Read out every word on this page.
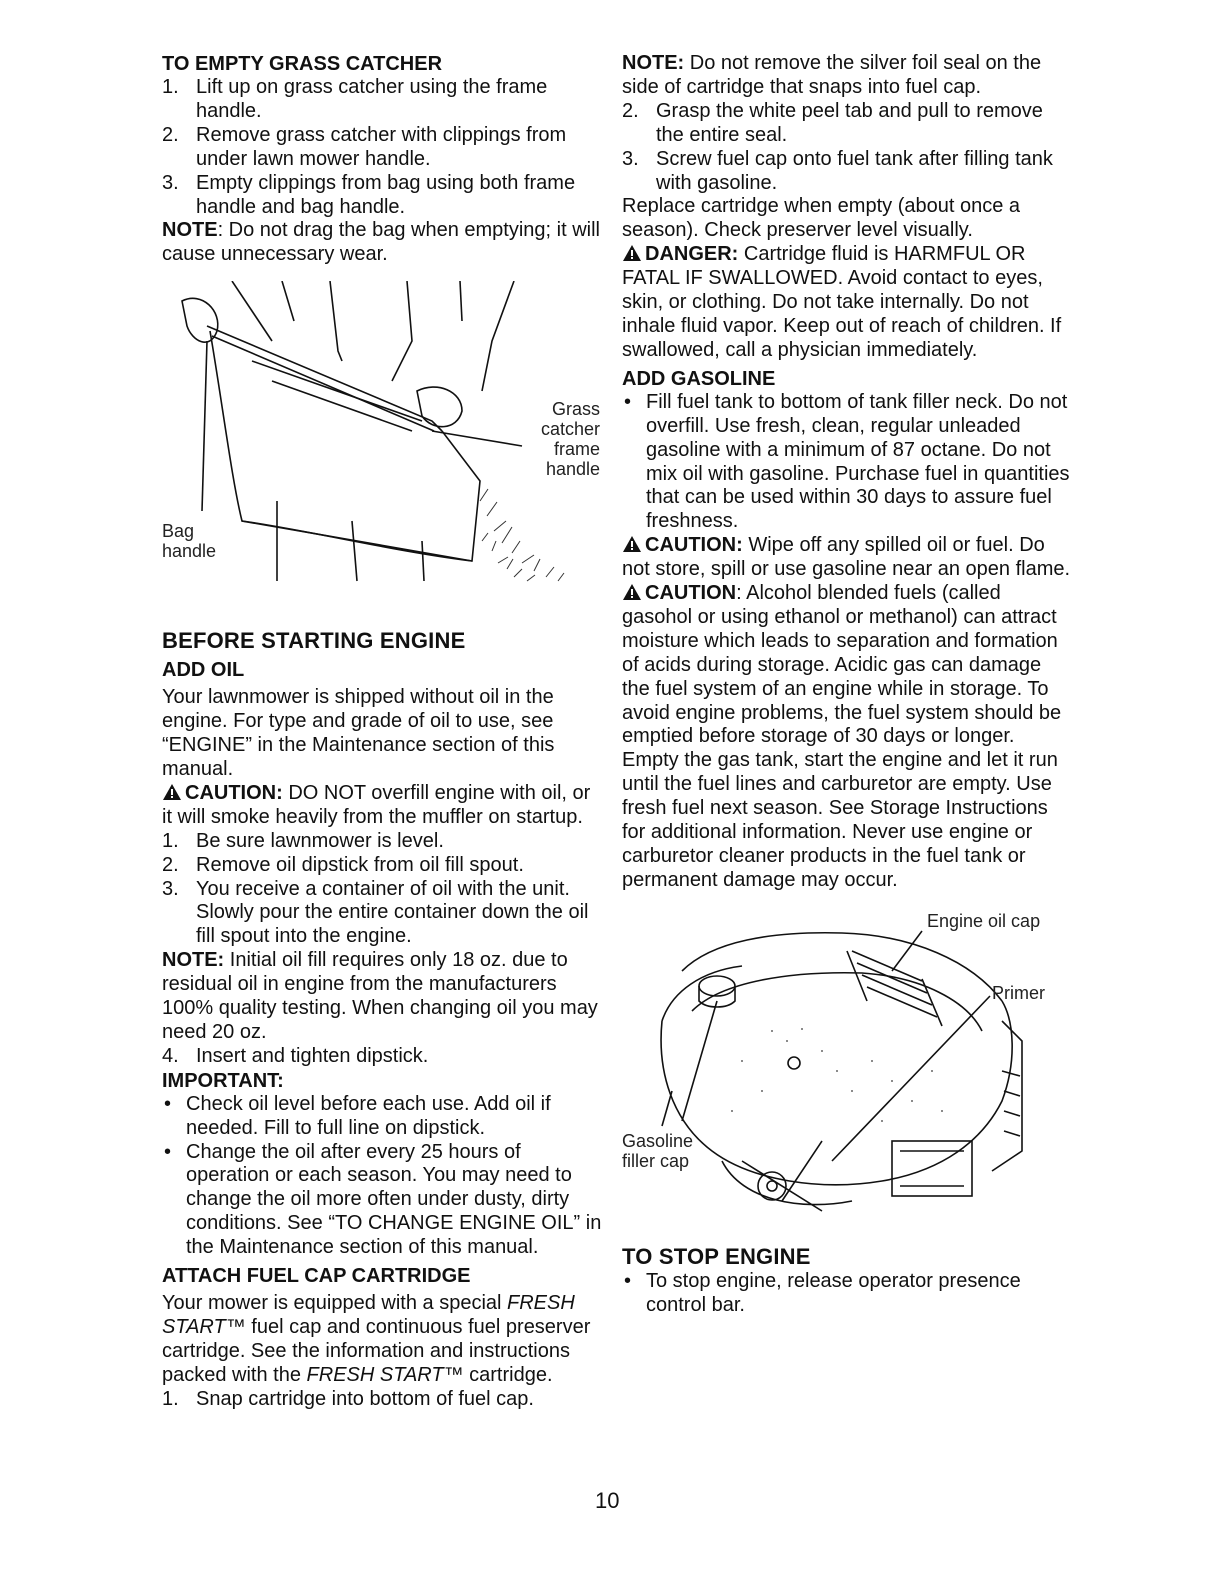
TO EMPTY GRASS CATCHER

1. Lift up on grass catcher using the frame handle.
2. Remove grass catcher with clippings from under lawn mower handle.
3. Empty clippings from bag using both frame handle and bag handle.

NOTE: Do not drag the bag when emptying; it will cause unnecessary wear.

Grass catcher frame handle
Bag handle

BEFORE STARTING ENGINE

ADD OIL

Your lawnmower is shipped without oil in the engine. For type and grade of oil to use, see “ENGINE” in the Maintenance section of this manual.

CAUTION: DO NOT overfill engine with oil, or it will smoke heavily from the muffler on startup.

1. Be sure lawnmower is level.
2. Remove oil dipstick from oil fill spout.
3. You receive a container of oil with the unit. Slowly pour the entire container down the oil fill spout into the engine.

NOTE: Initial oil fill requires only 18 oz. due to residual oil in engine from the manufacturers 100% quality testing. When changing oil you may need 20 oz.

4. Insert and tighten dipstick.

IMPORTANT:

• Check oil level before each use. Add oil if needed. Fill to full line on dipstick.
• Change the oil after every 25 hours of operation or each season. You may need to change the oil more often under dusty, dirty conditions. See “TO CHANGE ENGINE OIL” in the Maintenance section of this manual.

ATTACH FUEL CAP CARTRIDGE

Your mower is equipped with a special FRESH START™ fuel cap and continuous fuel preserver cartridge. See the information and instructions packed with the FRESH START™ cartridge.

1. Snap cartridge into bottom of fuel cap.

NOTE: Do not remove the silver foil seal on the side of cartridge that snaps into fuel cap.

2. Grasp the white peel tab and pull to remove the entire seal.
3. Screw fuel cap onto fuel tank after filling tank with gasoline.

Replace cartridge when empty (about once a season). Check preserver level visually.

DANGER: Cartridge fluid is HARMFUL OR FATAL IF SWALLOWED. Avoid contact to eyes, skin, or clothing. Do not take internally. Do not inhale fluid vapor. Keep out of reach of children. If swallowed, call a physician immediately.

ADD GASOLINE

• Fill fuel tank to bottom of tank filler neck. Do not overfill. Use fresh, clean, regular unleaded gasoline with a minimum of 87 octane. Do not mix oil with gasoline. Purchase fuel in quantities that can be used within 30 days to assure fuel freshness.

CAUTION: Wipe off any spilled oil or fuel. Do not store, spill or use gasoline near an open flame.

CAUTION: Alcohol blended fuels (called gasohol or using ethanol or methanol) can attract moisture which leads to separation and formation of acids during storage. Acidic gas can damage the fuel system of an engine while in storage. To avoid engine problems, the fuel system should be emptied before storage of 30 days or longer. Empty the gas tank, start the engine and let it run until the fuel lines and carburetor are empty. Use fresh fuel next season. See Storage Instructions for additional information. Never use engine or carburetor cleaner products in the fuel tank or permanent damage may occur.

Engine oil cap
Primer
Gasoline filler cap

TO STOP ENGINE

• To stop engine, release operator presence control bar.
10
